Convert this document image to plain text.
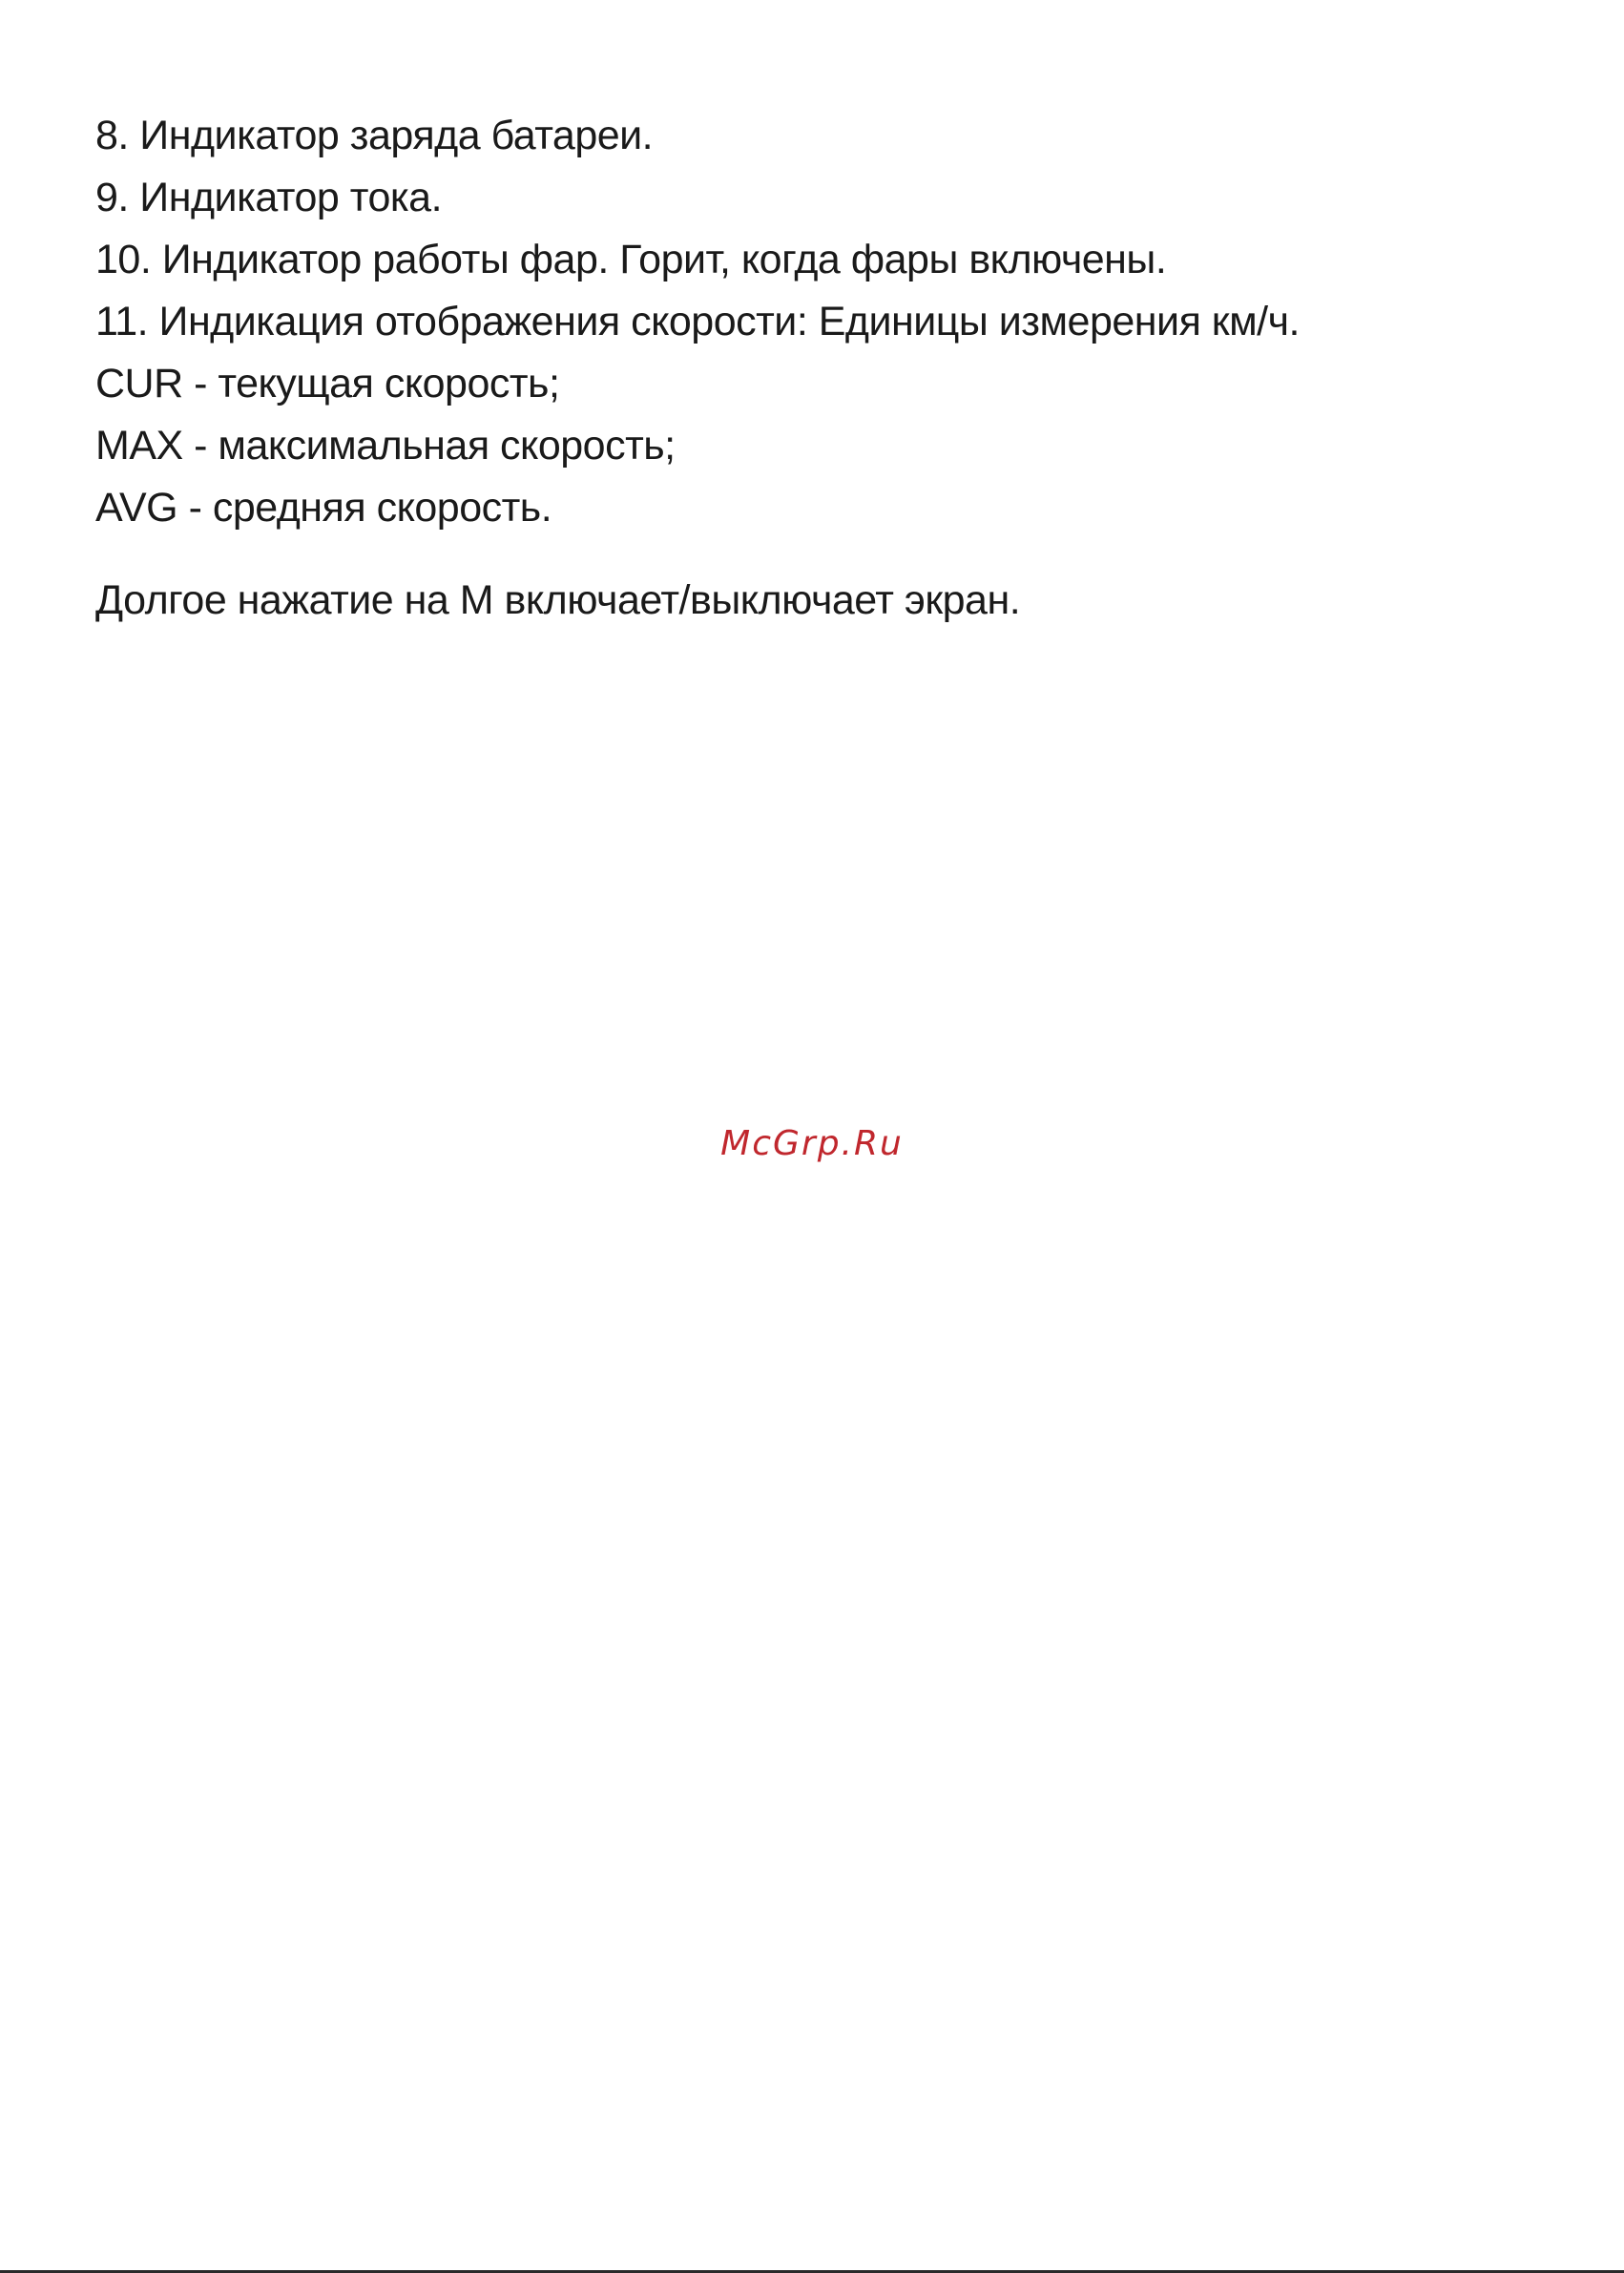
8. Индикатор заряда батареи.
9. Индикатор тока.
10. Индикатор работы фар. Горит, когда фары включены.
11. Индикация отображения скорости: Единицы измерения км/ч.
CUR - текущая скорость;
MAX - максимальная скорость;
AVG - средняя скорость.
Долгое нажатие на М включает/выключает экран.
McGrp.Ru
